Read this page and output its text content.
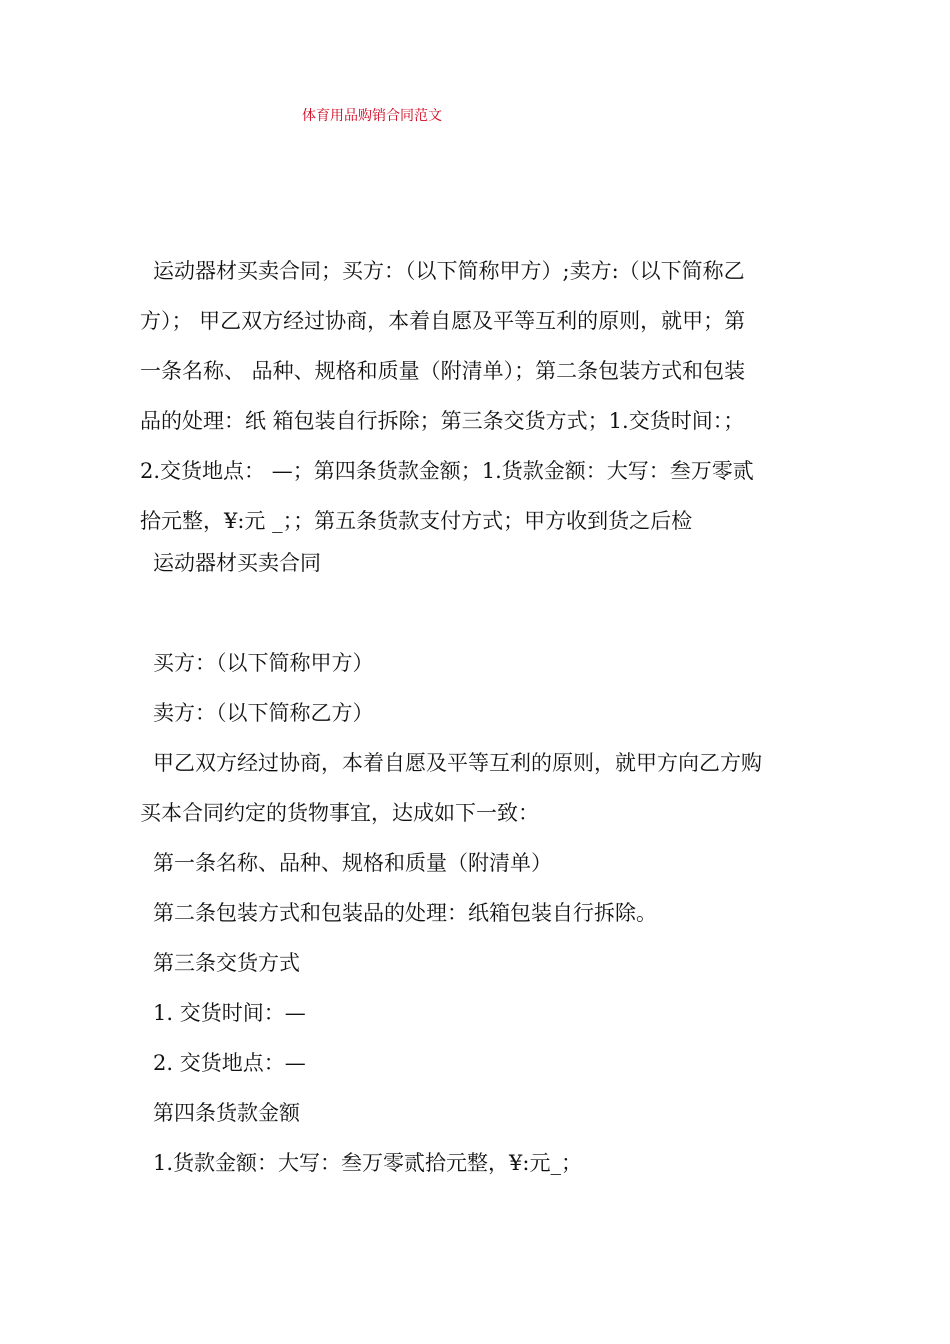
体育用品购销合同范文
运动器材买卖合同；买方：（以下简称甲方）;卖方:（以下简称乙
方）； 甲乙双方经过协商，本着自愿及平等互利的原则，就甲；第
一条名称、 品种、规格和质量（附清单）；第二条包装方式和包装
品的处理：纸 箱包装自行拆除；第三条交货方式；1.交货时间：；
2.交货地点： —；第四条货款金额；1.货款金额：大写：叁万零贰
拾元整，¥:元 _；；第五条货款支付方式；甲方收到货之后检
运动器材买卖合同
买方：（以下简称甲方）
卖方：（以下简称乙方）
甲乙双方经过协商，本着自愿及平等互利的原则，就甲方向乙方购
买本合同约定的货物事宜，达成如下一致：
第一条名称、品种、规格和质量（附清单）
第二条包装方式和包装品的处理：纸箱包装自行拆除。
第三条交货方式
1. 交货时间：—
2. 交货地点：—
第四条货款金额
1.货款金额：大写：叁万零贰拾元整，¥:元_；
